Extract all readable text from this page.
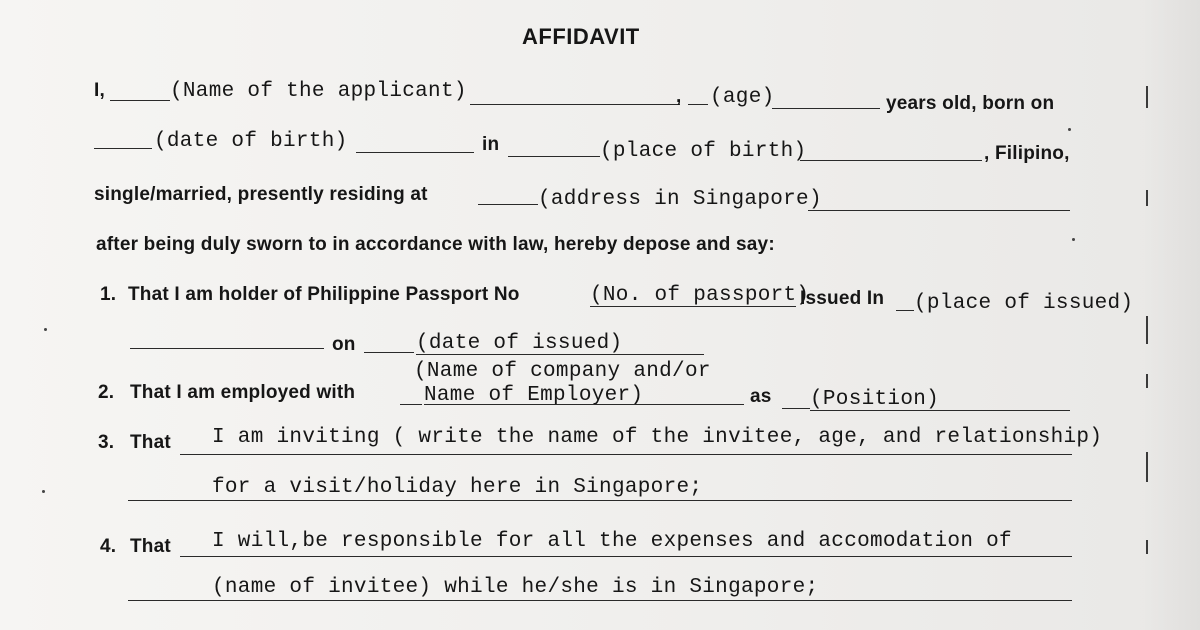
AFFIDAVIT
I,	(Name of the applicant)	, (age)	years old, born on
(date of birth)	in	(place of birth)	, Filipino,
single/married, presently residing at	(address in Singapore)
after being duly sworn to in accordance with law, hereby depose and say:
1. That I am holder of Philippine Passport No	(No. of passport)
Issued In (place of issued)
on	(date of issued)
(Name of company and/or
2. That I am employed with	Name of Employer)	as (Position)
3. That I am inviting ( write the name of the invitee, age, and relationship)
for a visit/holiday here in Singapore;
4. That I will,be responsible for all the expenses and accomodation of
(name of invitee) while he/she is in Singapore;
